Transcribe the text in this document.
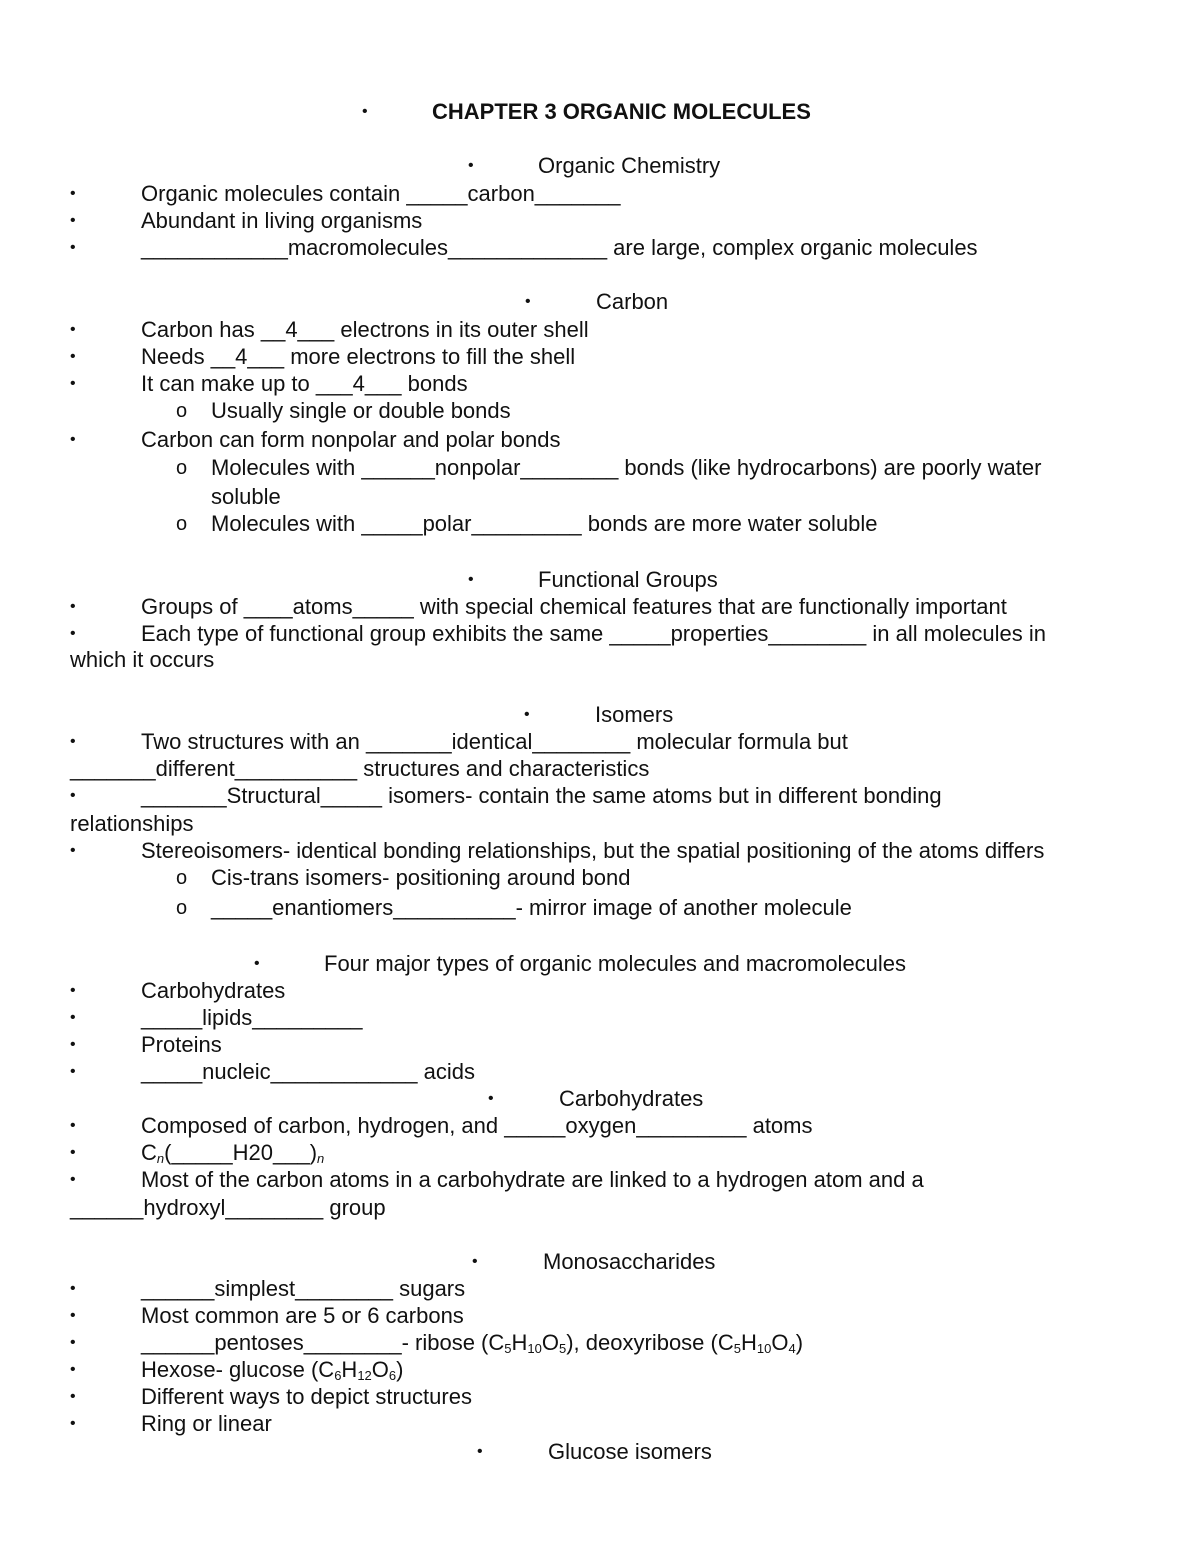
•	CHAPTER 3 ORGANIC MOLECULES
•	Organic Chemistry
•	Organic molecules contain _____carbon_______
•	Abundant in living organisms
•	____________macromolecules_____________ are large, complex organic molecules
•	Carbon
•	Carbon has __4___ electrons in its outer shell
•	Needs __4___ more electrons to fill the shell
•	It can make up to ___4___ bonds
o Usually single or double bonds
•	Carbon can form nonpolar and polar bonds
o Molecules with ______nonpolar________ bonds (like hydrocarbons) are poorly water
soluble
o Molecules with _____polar_________ bonds are more water soluble
•	Functional Groups
•	Groups of ____atoms_____ with special chemical features that are functionally important
•	Each type of functional group exhibits the same _____properties________ in all molecules in
which it occurs
•	Isomers
•	Two structures with an _______identical________ molecular formula but
_______different__________ structures and characteristics
•	_______Structural_____ isomers- contain the same atoms but in different bonding
relationships
•	Stereoisomers- identical bonding relationships, but the spatial positioning of the atoms differs
o Cis-trans isomers- positioning around bond
o _____enantiomers__________- mirror image of another molecule
•	Four major types of organic molecules and macromolecules
•	Carbohydrates
•	_____lipids_________
•	Proteins
•	_____nucleic____________ acids
•	Carbohydrates
•	Composed of carbon, hydrogen, and _____oxygen_________ atoms
•	Cn(_____H20___)n
•	Most of the carbon atoms in a carbohydrate are linked to a hydrogen atom and a
______hydroxyl________ group
•	Monosaccharides
•	______simplest________ sugars
•	Most common are 5 or 6 carbons
•	______pentoses________- ribose $(C_5H_{10}O_5)$, deoxyribose $(C_5H_{10}O_4)$
•	Hexose- glucose $(C_6H_{12}O_6)$
•	Different ways to depict structures
•	Ring or linear
•	Glucose isomers
